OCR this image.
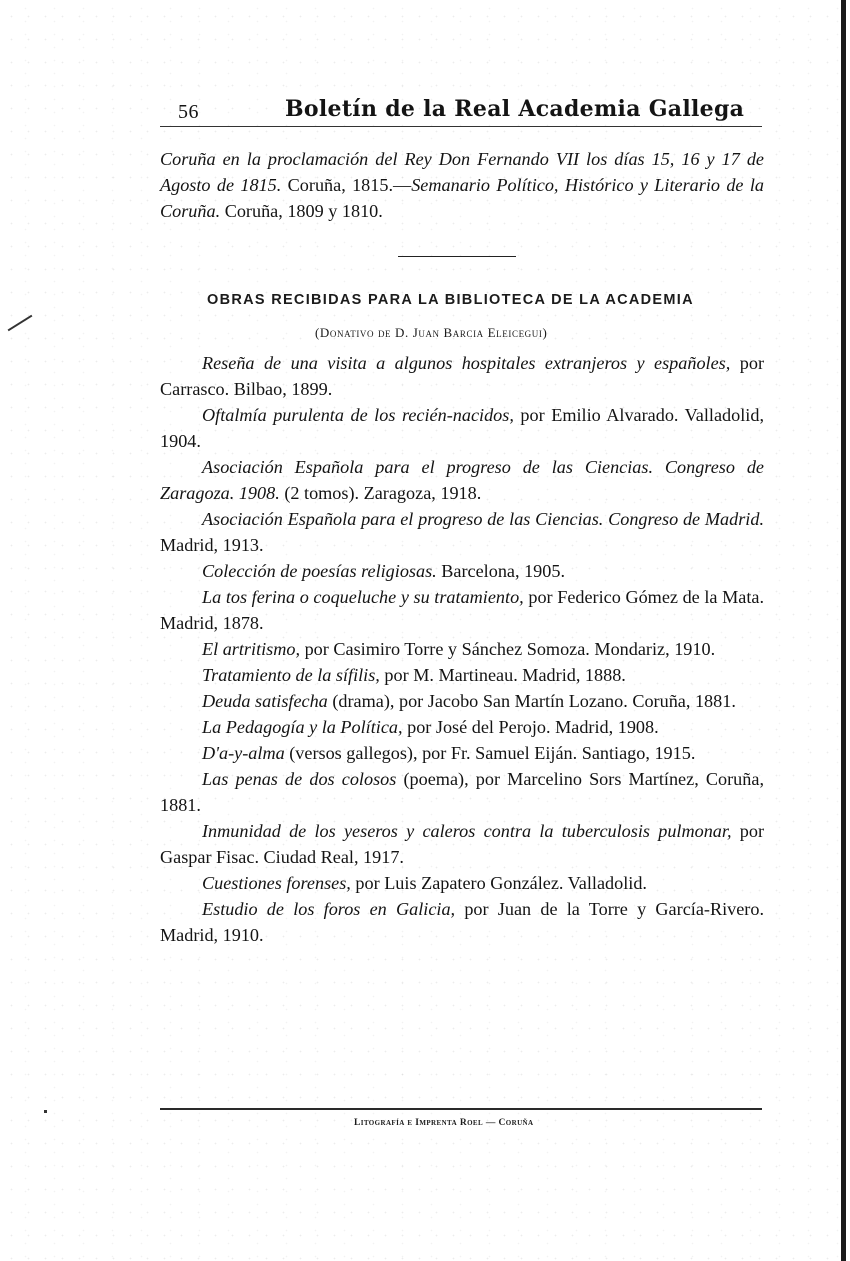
56	Boletín de la Real Academia Gallega

Coruña en la proclamación del Rey Don Fernando VII los días 15, 16 y 17 de Agosto de 1815. Coruña, 1815.—Semanario Político, Histórico y Literario de la Coruña. Coruña, 1809 y 1810.

OBRAS RECIBIDAS PARA LA BIBLIOTECA DE LA ACADEMIA
(Donativo de D. Juan Barcia Eleicegui)

Reseña de una visita a algunos hospitales extranjeros y españoles, por Carrasco. Bilbao, 1899.

Oftalmía purulenta de los recién-nacidos, por Emilio Alvarado. Valladolid, 1904.

Asociación Española para el progreso de las Ciencias. Congreso de Zaragoza. 1908. (2 tomos). Zaragoza, 1918.

Asociación Española para el progreso de las Ciencias. Congreso de Madrid. Madrid, 1913.

Colección de poesías religiosas. Barcelona, 1905.

La tos ferina o coqueluche y su tratamiento, por Federico Gómez de la Mata. Madrid, 1878.

El artritismo, por Casimiro Torre y Sánchez Somoza. Mondariz, 1910.

Tratamiento de la sífilis, por M. Martineau. Madrid, 1888.

Deuda satisfecha (drama), por Jacobo San Martín Lozano. Coruña, 1881.

La Pedagogía y la Política, por José del Perojo. Madrid, 1908.

D'a-y-alma (versos gallegos), por Fr. Samuel Eiján. Santiago, 1915.

Las penas de dos colosos (poema), por Marcelino Sors Martínez, Coruña, 1881.

Inmunidad de los yeseros y caleros contra la tuberculosis pulmonar, por Gaspar Fisac. Ciudad Real, 1917.

Cuestiones forenses, por Luis Zapatero González. Valladolid.

Estudio de los foros en Galicia, por Juan de la Torre y García-Rivero. Madrid, 1910.

Litografía e Imprenta Roel — Coruña
